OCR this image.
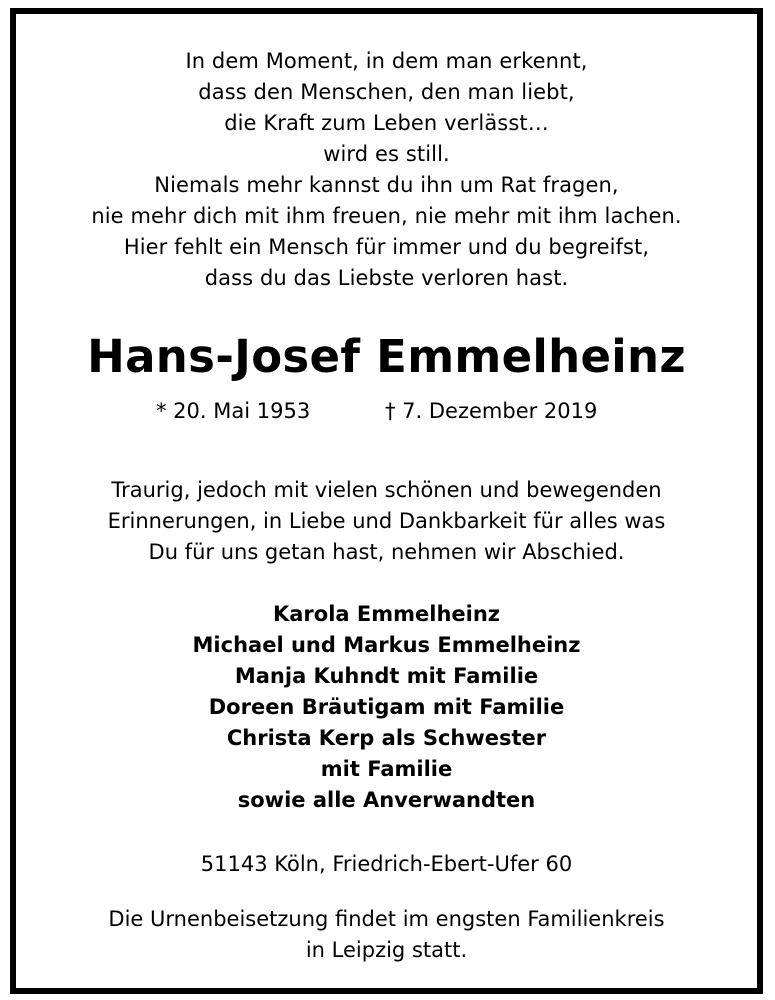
In dem Moment, in dem man erkennt,
dass den Menschen, den man liebt,
die Kraft zum Leben verlässt…
wird es still.
Niemals mehr kannst du ihn um Rat fragen,
nie mehr dich mit ihm freuen, nie mehr mit ihm lachen.
Hier fehlt ein Mensch für immer und du begreifst,
dass du das Liebste verloren hast.
Hans-Josef Emmelheinz
* 20. Mai 1953	† 7. Dezember 2019
Traurig, jedoch mit vielen schönen und bewegenden
Erinnerungen, in Liebe und Dankbarkeit für alles was
Du für uns getan hast, nehmen wir Abschied.
Karola Emmelheinz
Michael und Markus Emmelheinz
Manja Kuhndt mit Familie
Doreen Bräutigam mit Familie
Christa Kerp als Schwester
mit Familie
sowie alle Anverwandten
51143 Köln, Friedrich-Ebert-Ufer 60
Die Urnenbeisetzung findet im engsten Familienkreis
in Leipzig statt.
